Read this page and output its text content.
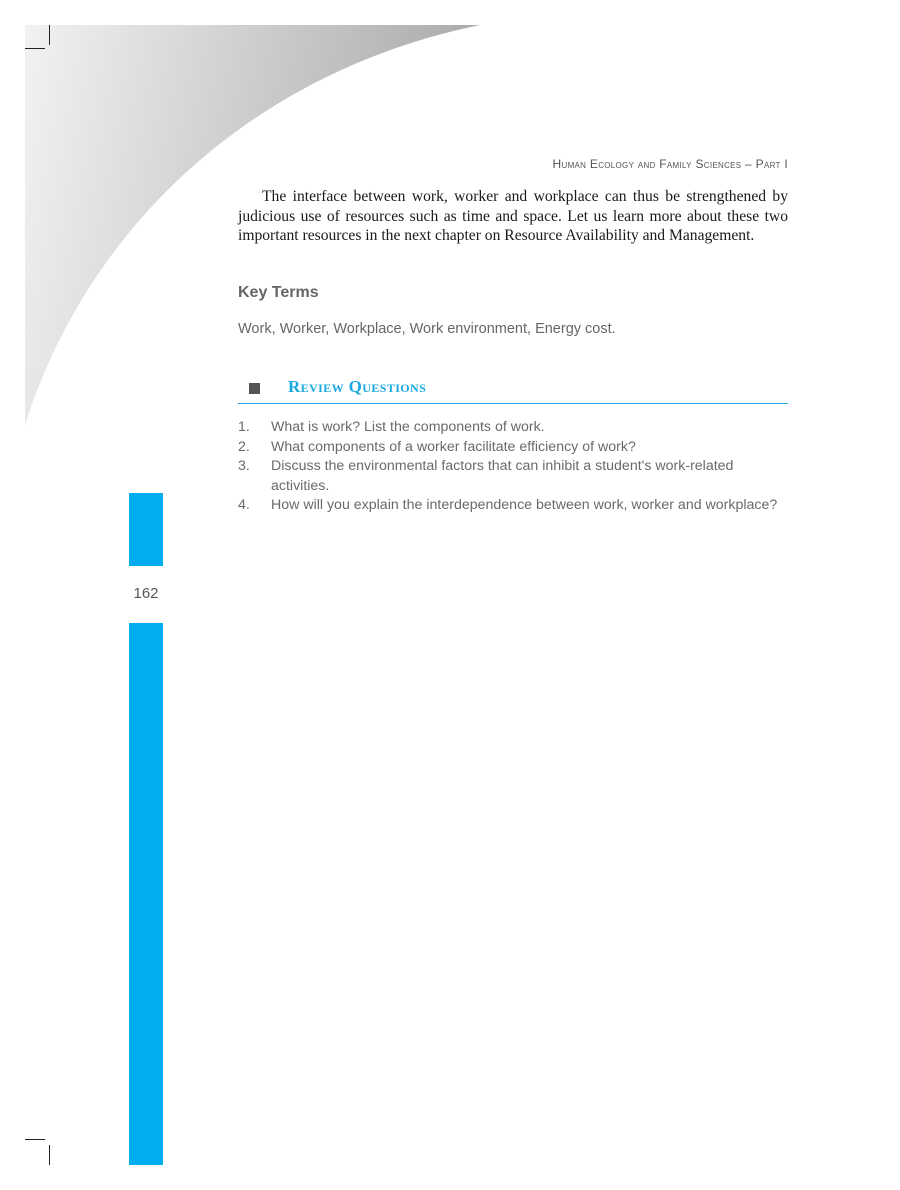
Human Ecology and Family Sciences – Part I

The interface between work, worker and workplace can thus be strengthened by judicious use of resources such as time and space. Let us learn more about these two important resources in the next chapter on Resource Availability and Management.

Key Terms

Work, Worker, Workplace, Work environment, Energy cost.

Review Questions
1.	What is work? List the components of work.
2.	What components of a worker facilitate efficiency of work?
3.	Discuss the environmental factors that can inhibit a student's work-related activities.
4.	How will you explain the interdependence between work, worker and workplace?
162
